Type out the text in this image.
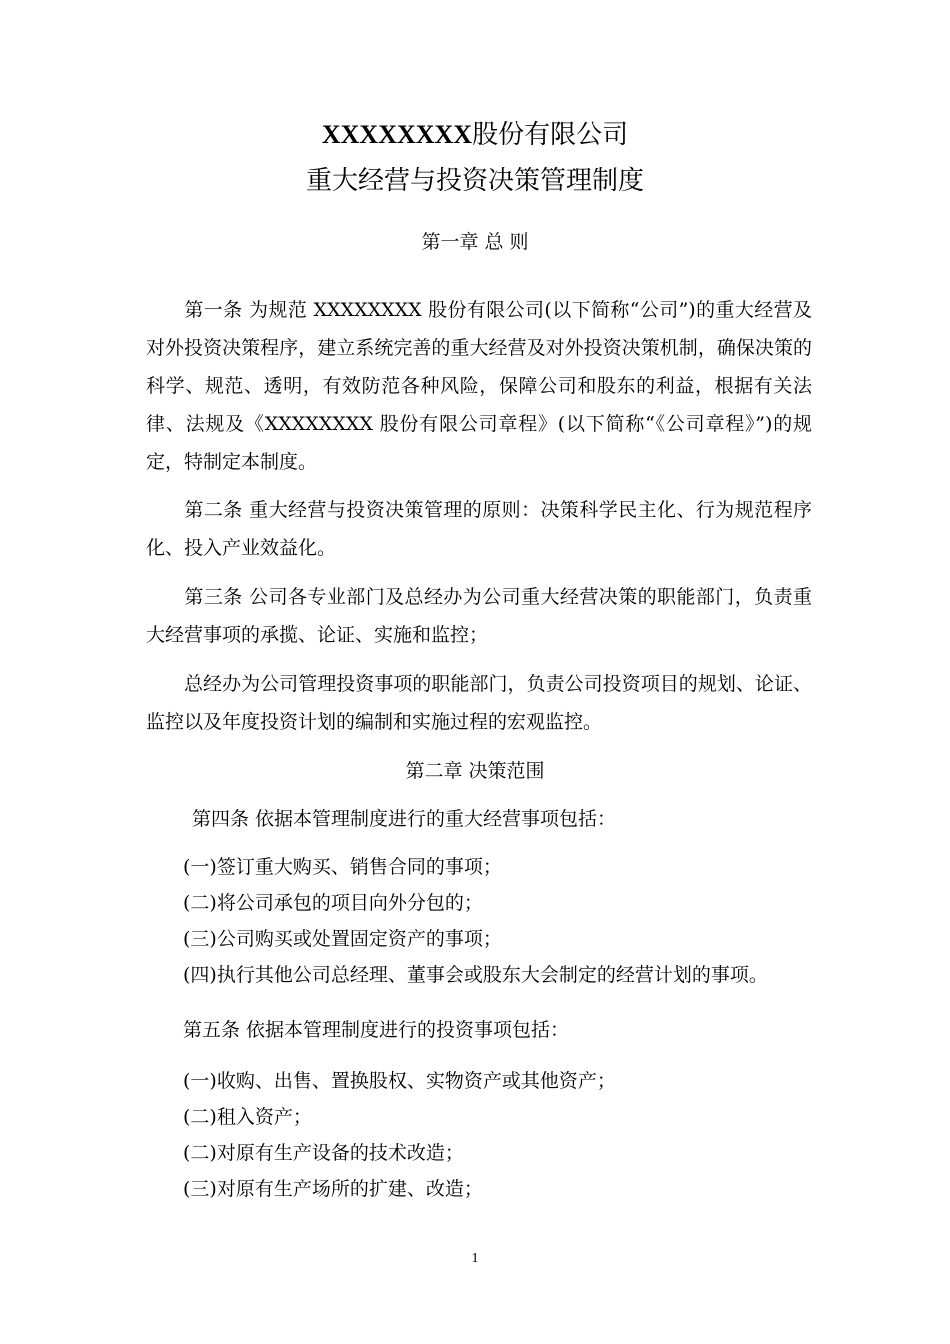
XXXXXXXX股份有限公司
重大经营与投资决策管理制度
第一章 总 则
第一条 为规范 XXXXXXXX 股份有限公司(以下简称“公司”)的重大经营及对外投资决策程序，建立系统完善的重大经营及对外投资决策机制，确保决策的科学、规范、透明，有效防范各种风险，保障公司和股东的利益，根据有关法律、法规及《XXXXXXXX 股份有限公司章程》(以下简称“《公司章程》”)的规定，特制定本制度。
第二条 重大经营与投资决策管理的原则：决策科学民主化、行为规范程序化、投入产业效益化。
第三条 公司各专业部门及总经办为公司重大经营决策的职能部门，负责重大经营事项的承揽、论证、实施和监控；
总经办为公司管理投资事项的职能部门，负责公司投资项目的规划、论证、监控以及年度投资计划的编制和实施过程的宏观监控。
第二章 决策范围
第四条 依据本管理制度进行的重大经营事项包括：
(一)签订重大购买、销售合同的事项；
(二)将公司承包的项目向外分包的；
(三)公司购买或处置固定资产的事项；
(四)执行其他公司总经理、董事会或股东大会制定的经营计划的事项。
第五条 依据本管理制度进行的投资事项包括：
(一)收购、出售、置换股权、实物资产或其他资产；
(二)租入资产；
(二)对原有生产设备的技术改造；
(三)对原有生产场所的扩建、改造；
1
